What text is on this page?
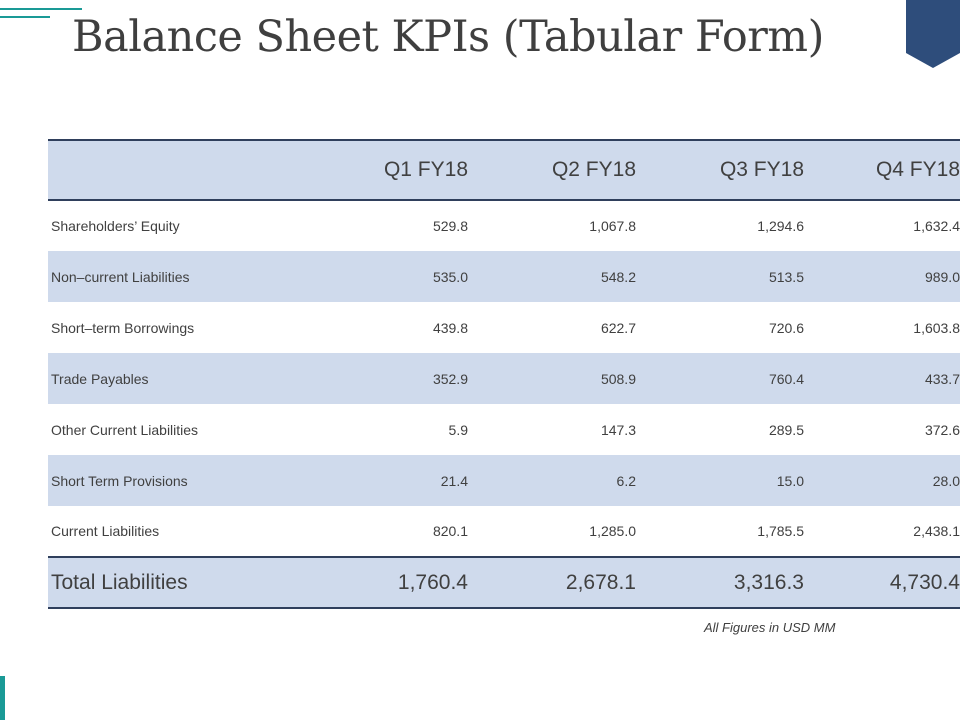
Balance Sheet KPIs (Tabular Form)
	Q1 FY18	Q2 FY18	Q3 FY18	Q4 FY18
Shareholders’ Equity	529.8	1,067.8	1,294.6	1,632.4
Non–current Liabilities	535.0	548.2	513.5	989.0
Short–term Borrowings	439.8	622.7	720.6	1,603.8
Trade Payables	352.9	508.9	760.4	433.7
Other Current Liabilities	5.9	147.3	289.5	372.6
Short Term Provisions	21.4	6.2	15.0	28.0
Current Liabilities	820.1	1,285.0	1,785.5	2,438.1
Total Liabilities	1,760.4	2,678.1	3,316.3	4,730.4
All Figures in USD MM
